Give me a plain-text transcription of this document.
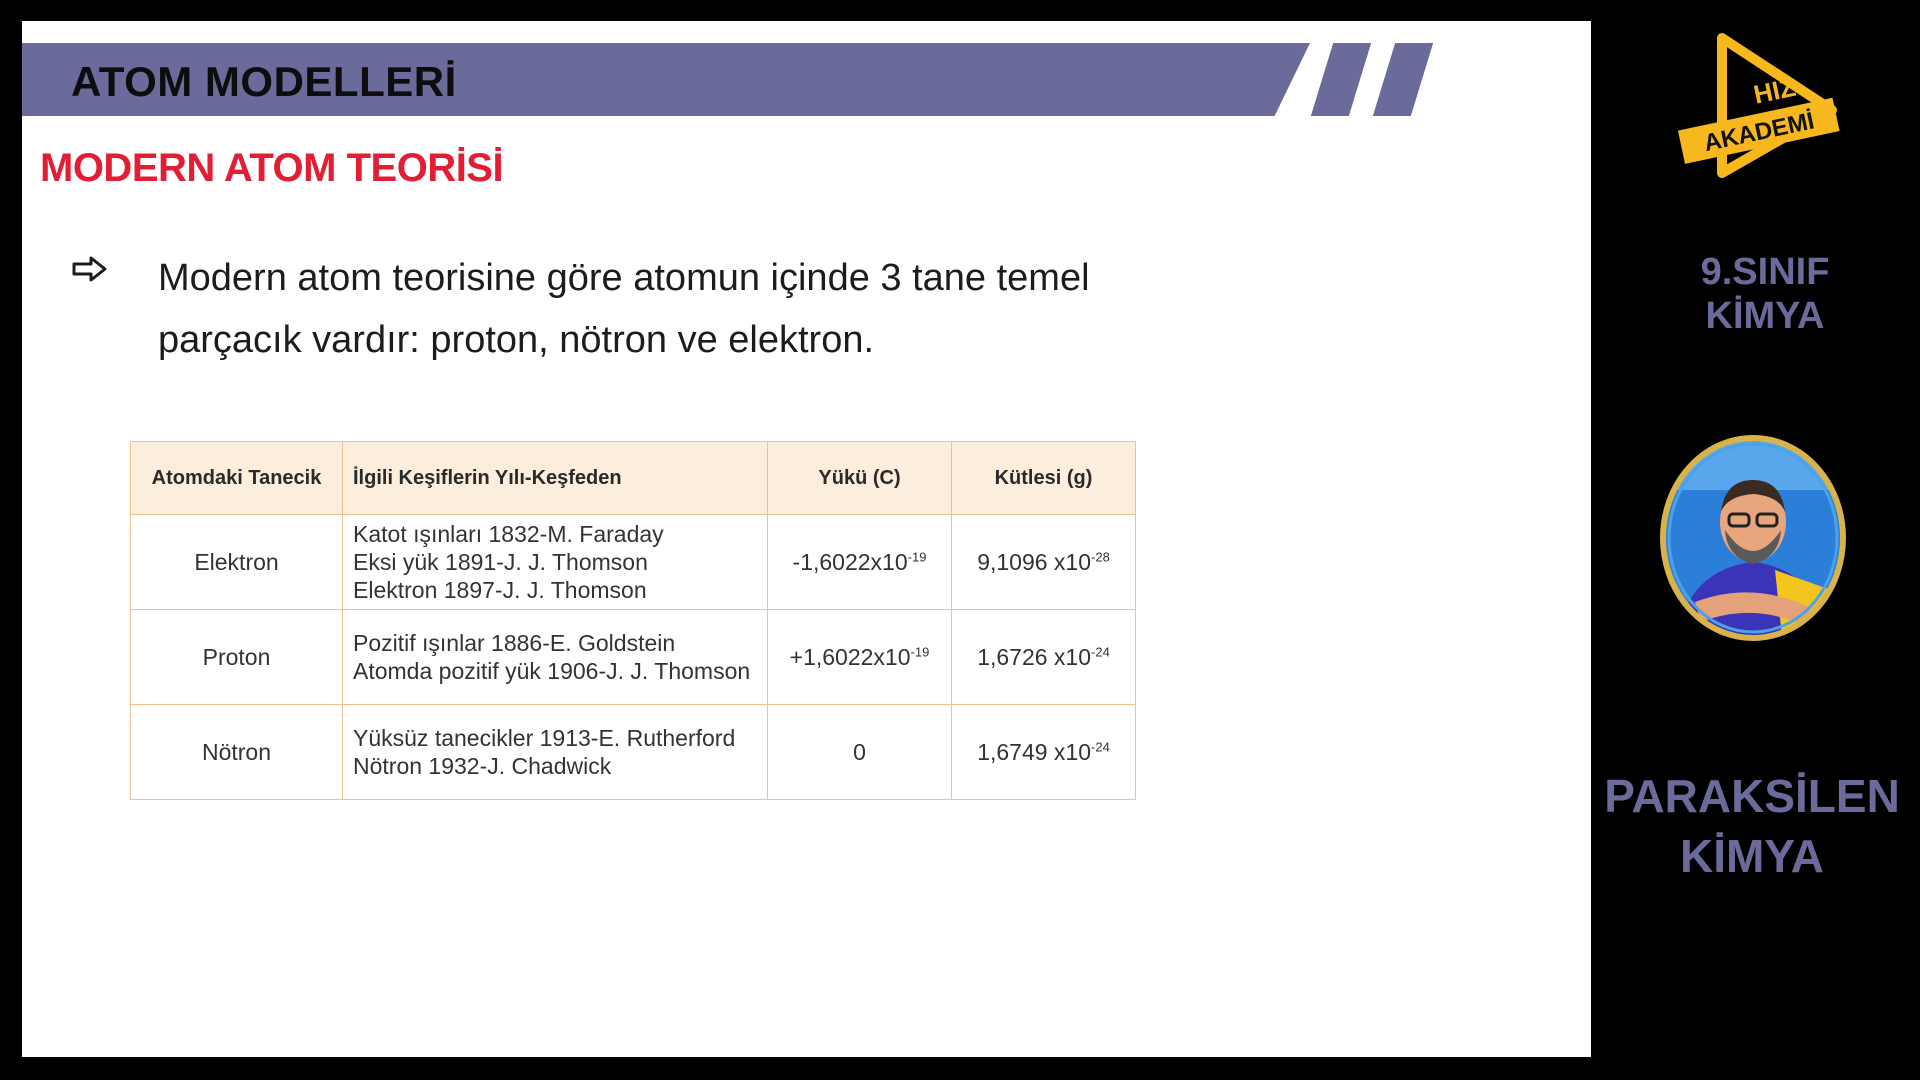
ATOM MODELLERİ
MODERN ATOM TEORİSİ

Modern atom teorisine göre atomun içinde 3 tane temel
parçacık vardır: proton, nötron ve elektron.

Atomdaki Tanecik	İlgili Keşiflerin Yılı-Keşfeden	Yükü (C)	Kütlesi (g)
Elektron	Katot ışınları 1832-M. Faraday
Eksi yük 1891-J. J. Thomson
Elektron 1897-J. J. Thomson	$-1,6022x10^{-19}$	9,1096 $x10^{-28}$
Proton	Pozitif ışınlar 1886-E. Goldstein
Atomda pozitif yük 1906-J. J. Thomson	$+1,6022x10^{-19}$	1,6726 $x10^{-24}$
Nötron	Yüksüz tanecikler 1913-E. Rutherford
Nötron 1932-J. Chadwick	0	1,6749 $x10^{-24}$
HIZ
AKADEMİ
9.SINIF
KİMYA
PARAKSİLEN
KİMYA
